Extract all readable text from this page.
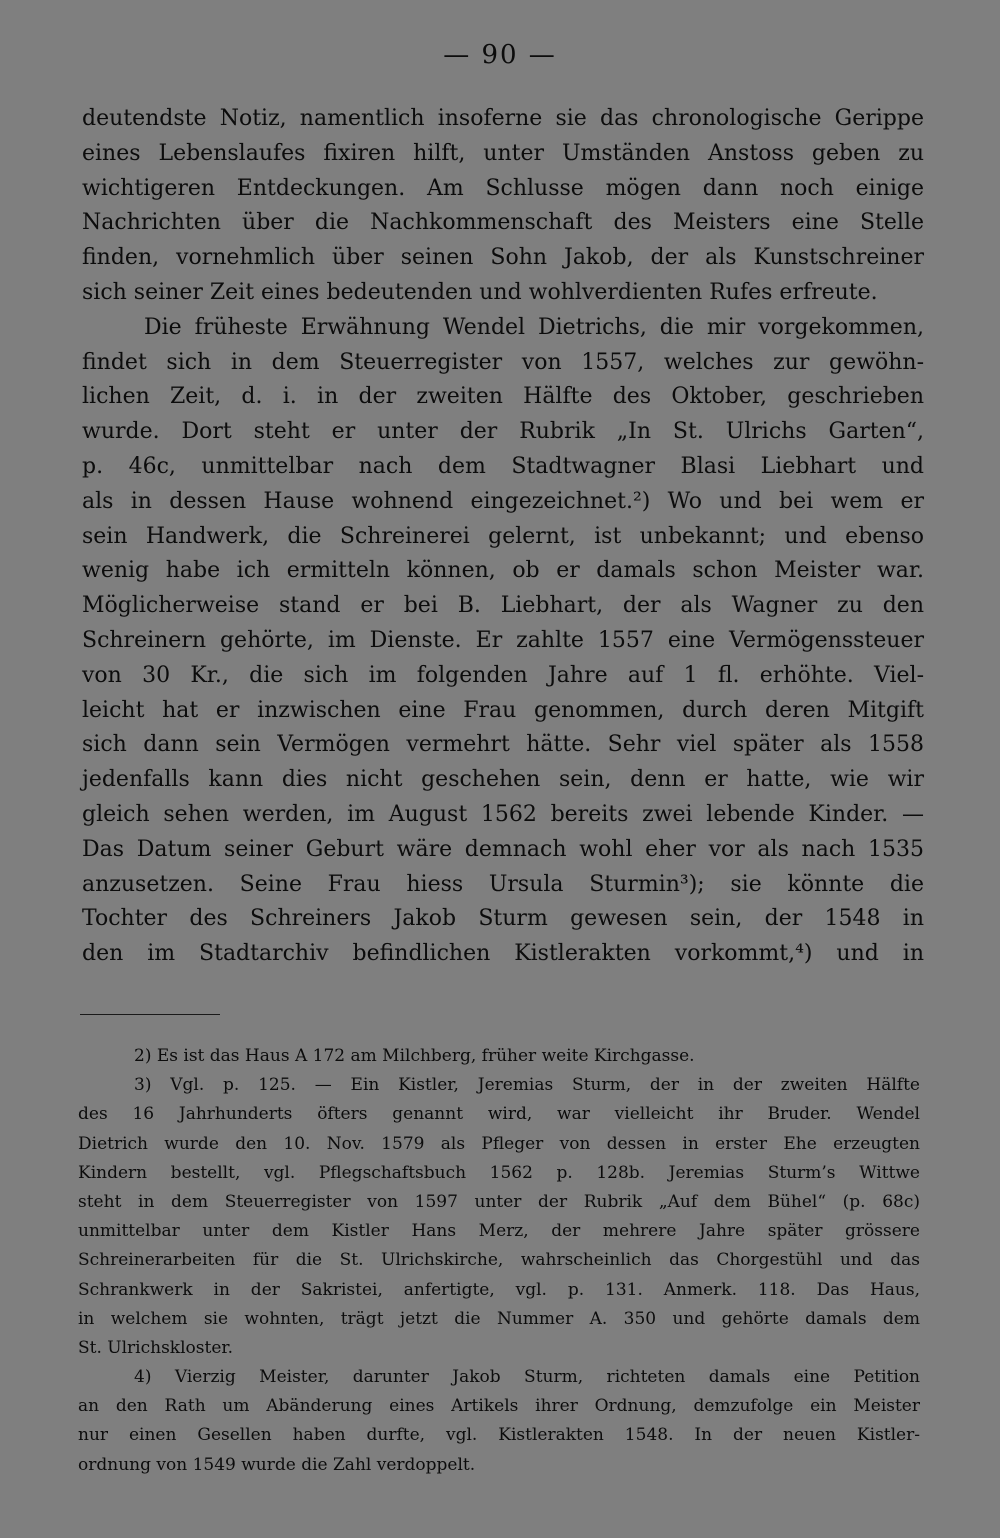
— 90 —
deutendste Notiz, namentlich insoferne sie das chronologische Gerippe
eines Lebenslaufes fixiren hilft, unter Umständen Anstoss geben zu
wichtigeren Entdeckungen. Am Schlusse mögen dann noch einige
Nachrichten über die Nachkommenschaft des Meisters eine Stelle
finden, vornehmlich über seinen Sohn Jakob, der als Kunstschreiner
sich seiner Zeit eines bedeutenden und wohlverdienten Rufes erfreute.
Die früheste Erwähnung Wendel Dietrichs, die mir vorgekommen,
findet sich in dem Steuerregister von 1557, welches zur gewöhn-
lichen Zeit, d. i. in der zweiten Hälfte des Oktober, geschrieben
wurde. Dort steht er unter der Rubrik „In St. Ulrichs Garten“,
p. 46c, unmittelbar nach dem Stadtwagner Blasi Liebhart und
als in dessen Hause wohnend eingezeichnet.²) Wo und bei wem er
sein Handwerk, die Schreinerei gelernt, ist unbekannt; und ebenso
wenig habe ich ermitteln können, ob er damals schon Meister war.
Möglicherweise stand er bei B. Liebhart, der als Wagner zu den
Schreinern gehörte, im Dienste. Er zahlte 1557 eine Vermögenssteuer
von 30 Kr., die sich im folgenden Jahre auf 1 fl. erhöhte. Viel-
leicht hat er inzwischen eine Frau genommen, durch deren Mitgift
sich dann sein Vermögen vermehrt hätte. Sehr viel später als 1558
jedenfalls kann dies nicht geschehen sein, denn er hatte, wie wir
gleich sehen werden, im August 1562 bereits zwei lebende Kinder. —
Das Datum seiner Geburt wäre demnach wohl eher vor als nach 1535
anzusetzen. Seine Frau hiess Ursula Sturmin³); sie könnte die
Tochter des Schreiners Jakob Sturm gewesen sein, der 1548 in
den im Stadtarchiv befindlichen Kistlerakten vorkommt,⁴) und in
2) Es ist das Haus A 172 am Milchberg, früher weite Kirchgasse.
3) Vgl. p. 125. — Ein Kistler, Jeremias Sturm, der in der zweiten Hälfte
des 16 Jahrhunderts öfters genannt wird, war vielleicht ihr Bruder. Wendel
Dietrich wurde den 10. Nov. 1579 als Pfleger von dessen in erster Ehe erzeugten
Kindern bestellt, vgl. Pflegschaftsbuch 1562 p. 128b. Jeremias Sturm’s Wittwe
steht in dem Steuerregister von 1597 unter der Rubrik „Auf dem Bühel“ (p. 68c)
unmittelbar unter dem Kistler Hans Merz, der mehrere Jahre später grössere
Schreinerarbeiten für die St. Ulrichskirche, wahrscheinlich das Chorgestühl und das
Schrankwerk in der Sakristei, anfertigte, vgl. p. 131. Anmerk. 118. Das Haus,
in welchem sie wohnten, trägt jetzt die Nummer A. 350 und gehörte damals dem
St. Ulrichskloster.
4) Vierzig Meister, darunter Jakob Sturm, richteten damals eine Petition
an den Rath um Abänderung eines Artikels ihrer Ordnung, demzufolge ein Meister
nur einen Gesellen haben durfte, vgl. Kistlerakten 1548. In der neuen Kistler-
ordnung von 1549 wurde die Zahl verdoppelt.
